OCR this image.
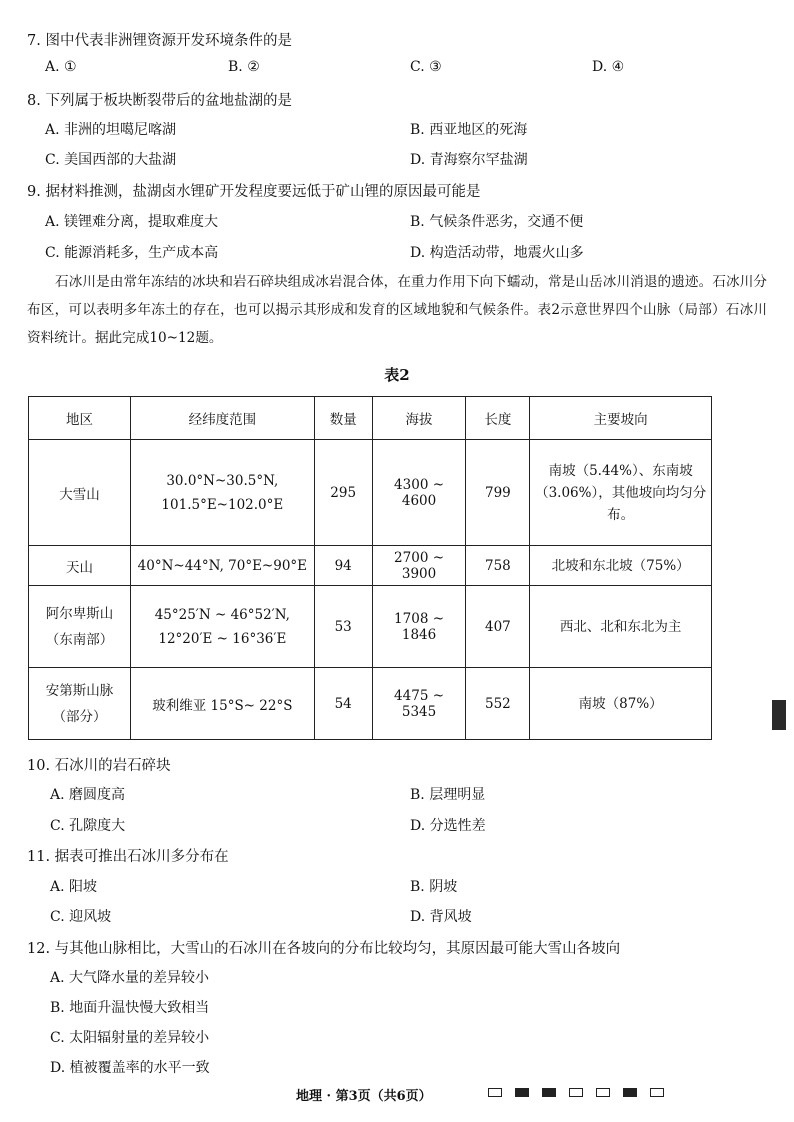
7. 图中代表非洲锂资源开发环境条件的是
A. ①	B. ②	C. ③	D. ④
8. 下列属于板块断裂带后的盆地盐湖的是
A. 非洲的坦噶尼喀湖	B. 西亚地区的死海
C. 美国西部的大盐湖	D. 青海察尔罕盐湖
9. 据材料推测，盐湖卤水锂矿开发程度要远低于矿山锂的原因最可能是
A. 镁锂难分离，提取难度大	B. 气候条件恶劣，交通不便
C. 能源消耗多，生产成本高	D. 构造活动带，地震火山多

石冰川是由常年冻结的冰块和岩石碎块组成冰岩混合体，在重力作用下向下蠕动，常是山岳冰川消退的遗迹。石冰川分布区，可以表明多年冻土的存在，也可以揭示其形成和发育的区域地貌和气候条件。表2示意世界四个山脉（局部）石冰川资料统计。据此完成10~12题。

表2
地区	经纬度范围	数量	海拔	长度	主要坡向
大雪山	30.0°N~30.5°N,
101.5°E~102.0°E	295	4300 ~ 4600	799	南坡（5.44%）、东南坡（3.06%），其他坡向均匀分布。
天山	40°N~44°N, 70°E~90°E	94	2700 ~ 3900	758	北坡和东北坡（75%）

阿尔卑斯山（东南部）	45°25′N ~ 46°52′N,
12°20′E ~ 16°36′E	53	1708 ~ 1846	407	西北、北和东北为主

安第斯山脉（部分）	玻利维亚 15°S~ 22°S	54	4475 ~ 5345	552	南坡（87%）
10. 石冰川的岩石碎块
A. 磨圆度高	B. 层理明显
C. 孔隙度大	D. 分选性差
11. 据表可推出石冰川多分布在
A. 阳坡	B. 阴坡
C. 迎风坡	D. 背风坡
12. 与其他山脉相比，大雪山的石冰川在各坡向的分布比较均匀，其原因最可能大雪山各坡向
A. 大气降水量的差异较小
B. 地面升温快慢大致相当
C. 太阳辐射量的差异较小
D. 植被覆盖率的水平一致
地理 · 第3页（共6页）
